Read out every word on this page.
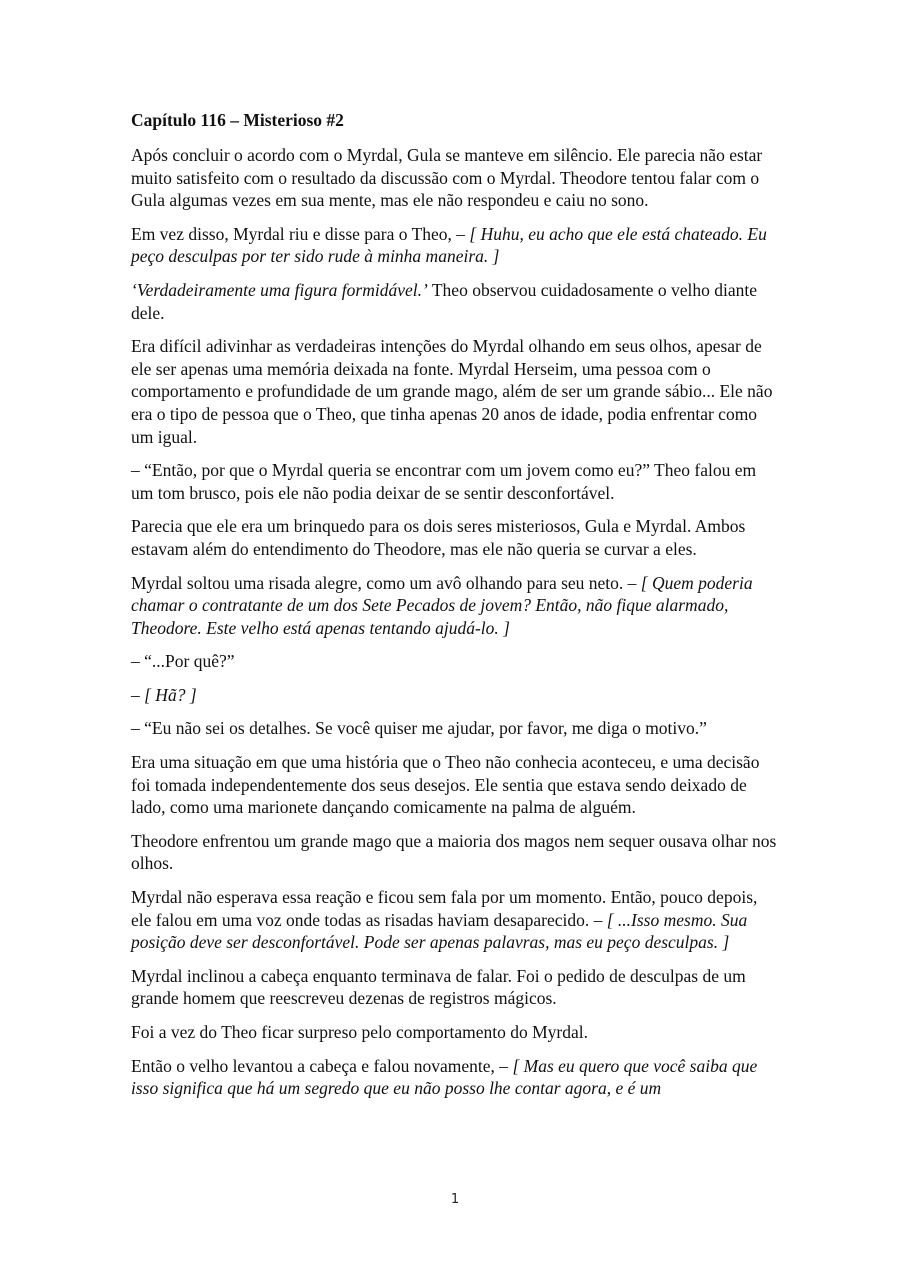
Capítulo 116 – Misterioso #2

Após concluir o acordo com o Myrdal, Gula se manteve em silêncio. Ele parecia não estar muito satisfeito com o resultado da discussão com o Myrdal. Theodore tentou falar com o Gula algumas vezes em sua mente, mas ele não respondeu e caiu no sono.

Em vez disso, Myrdal riu e disse para o Theo, – [ Huhu, eu acho que ele está chateado. Eu peço desculpas por ter sido rude à minha maneira. ]

‘Verdadeiramente uma figura formidável.’ Theo observou cuidadosamente o velho diante dele.

Era difícil adivinhar as verdadeiras intenções do Myrdal olhando em seus olhos, apesar de ele ser apenas uma memória deixada na fonte. Myrdal Herseim, uma pessoa com o comportamento e profundidade de um grande mago, além de ser um grande sábio... Ele não era o tipo de pessoa que o Theo, que tinha apenas 20 anos de idade, podia enfrentar como um igual.

– “Então, por que o Myrdal queria se encontrar com um jovem como eu?” Theo falou em um tom brusco, pois ele não podia deixar de se sentir desconfortável.

Parecia que ele era um brinquedo para os dois seres misteriosos, Gula e Myrdal. Ambos estavam além do entendimento do Theodore, mas ele não queria se curvar a eles.

Myrdal soltou uma risada alegre, como um avô olhando para seu neto. – [ Quem poderia chamar o contratante de um dos Sete Pecados de jovem? Então, não fique alarmado, Theodore. Este velho está apenas tentando ajudá-lo. ]

– “...Por quê?”

– [ Hã? ]

– “Eu não sei os detalhes. Se você quiser me ajudar, por favor, me diga o motivo.”

Era uma situação em que uma história que o Theo não conhecia aconteceu, e uma decisão foi tomada independentemente dos seus desejos. Ele sentia que estava sendo deixado de lado, como uma marionete dançando comicamente na palma de alguém.

Theodore enfrentou um grande mago que a maioria dos magos nem sequer ousava olhar nos olhos.

Myrdal não esperava essa reação e ficou sem fala por um momento. Então, pouco depois, ele falou em uma voz onde todas as risadas haviam desaparecido. – [ ...Isso mesmo. Sua posição deve ser desconfortável. Pode ser apenas palavras, mas eu peço desculpas. ]

Myrdal inclinou a cabeça enquanto terminava de falar. Foi o pedido de desculpas de um grande homem que reescreveu dezenas de registros mágicos.

Foi a vez do Theo ficar surpreso pelo comportamento do Myrdal.

Então o velho levantou a cabeça e falou novamente, – [ Mas eu quero que você saiba que isso significa que há um segredo que eu não posso lhe contar agora, e é um

1
